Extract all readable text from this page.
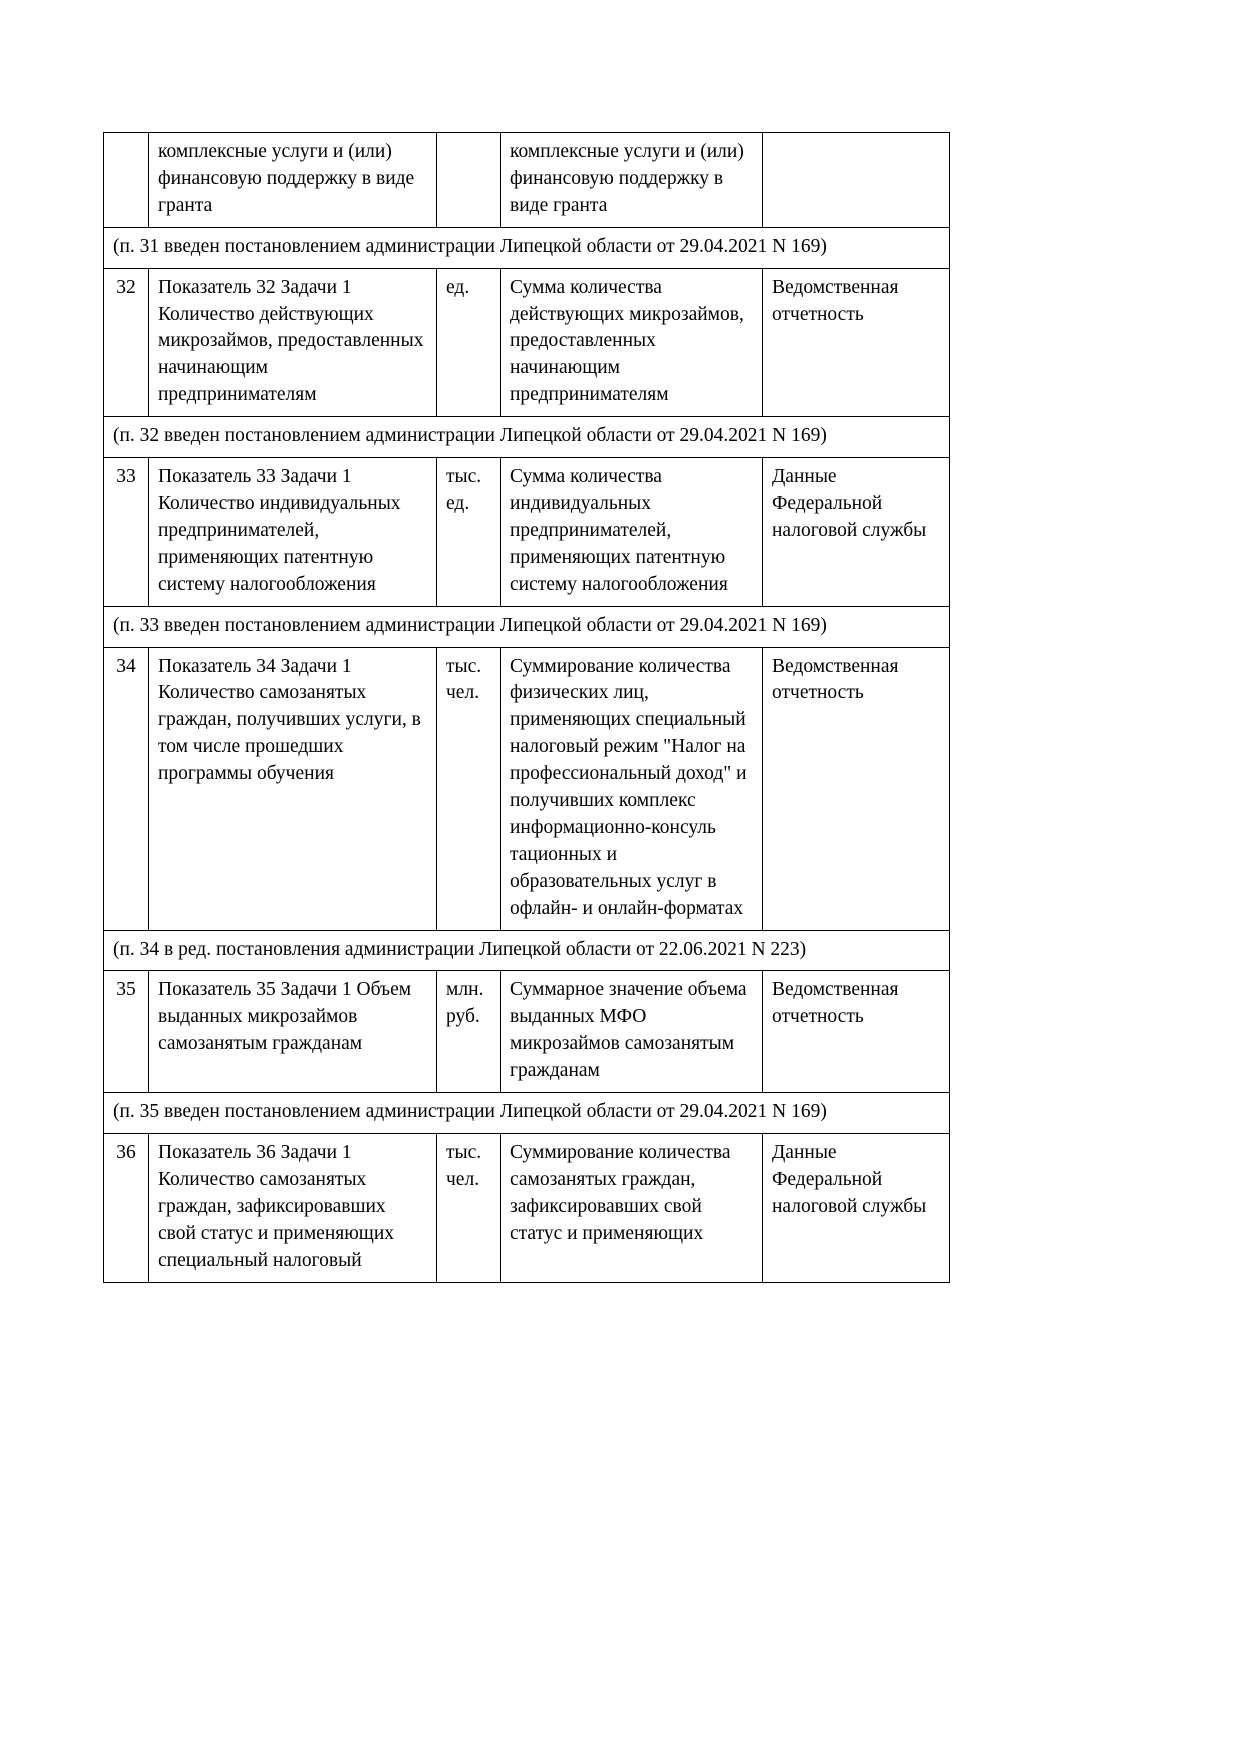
	комплексные услуги и (или) финансовую поддержку в виде гранта		комплексные услуги и (или) финансовую поддержку в виде гранта	

(п. 31 введен постановлением администрации Липецкой области от 29.04.2021 N 169)				

32	Показатель 32 Задачи 1 Количество действующих микрозаймов, предоставленных начинающим предпринимателям	ед.	Сумма количества действующих микрозаймов, предоставленных начинающим предпринимателям	Ведомственная отчетность

(п. 32 введен постановлением администрации Липецкой области от 29.04.2021 N 169)				

33	Показатель 33 Задачи 1 Количество индивидуальных предпринимателей, применяющих патентную систему налогообложения	тыс. ед.	Сумма количества индивидуальных предпринимателей, применяющих патентную систему налогообложения	Данные Федеральной налоговой службы

(п. 33 введен постановлением администрации Липецкой области от 29.04.2021 N 169)				

34	Показатель 34 Задачи 1 Количество самозанятых граждан, получивших услуги, в том числе прошедших программы обучения	тыс. чел.	Суммирование количества физических лиц, применяющих специальный налоговый режим "Налог на профессиональный доход" и получивших комплекс информационно-консуль тационных и образовательных услуг в офлайн- и онлайн-форматах	Ведомственная отчетность

(п. 34 в ред. постановления администрации Липецкой области от 22.06.2021 N 223)				

35	Показатель 35 Задачи 1 Объем выданных микрозаймов самозанятым гражданам	млн. руб.	Суммарное значение объема выданных МФО микрозаймов самозанятым гражданам	Ведомственная отчетность

(п. 35 введен постановлением администрации Липецкой области от 29.04.2021 N 169)				

36	Показатель 36 Задачи 1 Количество самозанятых граждан, зафиксировавших свой статус и применяющих специальный налоговый	тыс. чел.	Суммирование количества самозанятых граждан, зафиксировавших свой статус и применяющих	Данные Федеральной налоговой службы
